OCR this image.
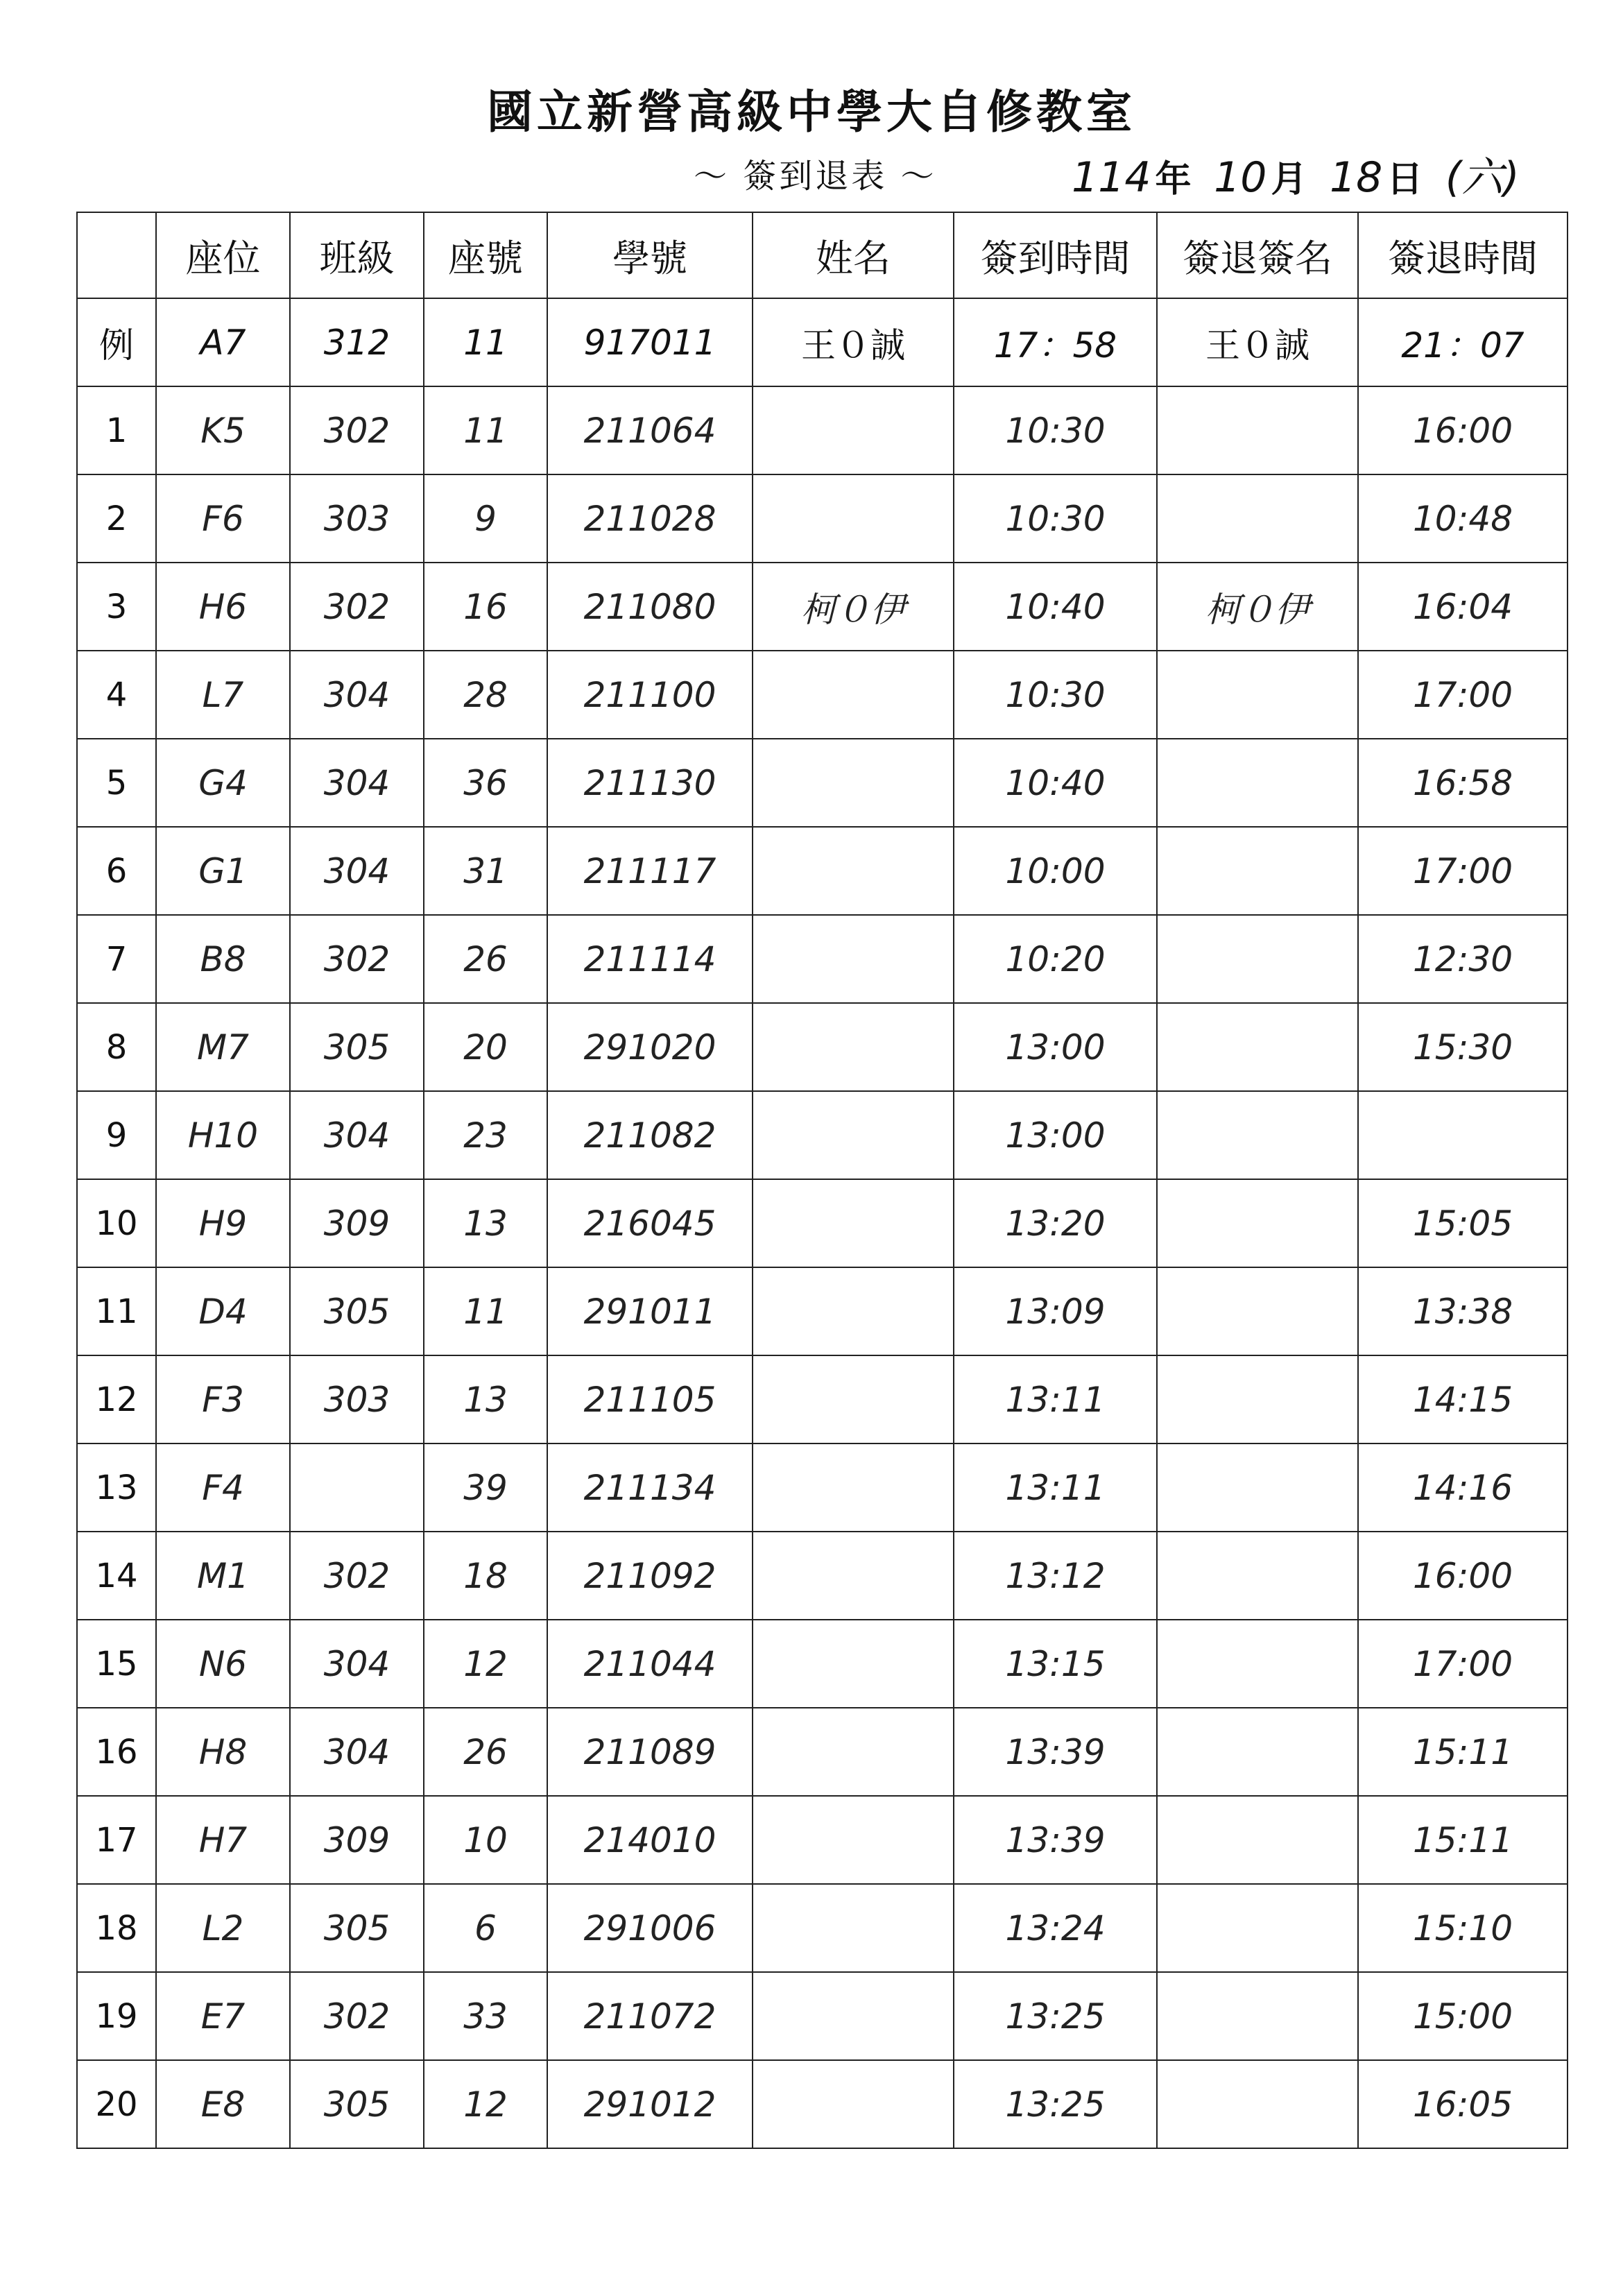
國立新營高級中學大自修教室
～ 簽到退表 ～	114 年 10 月 18 日 (六)
	座位	班級	座號	學號	姓名	簽到時間	簽退簽名	簽退時間
例	A7	312	11	917011	王０誠	17：58	王０誠	21：07
1	K5	302	11	211064		10:30		16:00
2	F6	303	9	211028		10:30		10:48
3	H6	302	16	211080	柯０伊	10:40	柯０伊	16:04
4	L7	304	28	211100		10:30		17:00
5	G4	304	36	211130		10:40		16:58
6	G1	304	31	211117		10:00		17:00
7	B8	302	26	211114		10:20		12:30
8	M7	305	20	291020		13:00		15:30
9	H10	304	23	211082		13:00		
10	H9	309	13	216045		13:20		15:05
11	D4	305	11	291011		13:09		13:38
12	F3	303	13	211105		13:11		14:15
13	F4		39	211134		13:11		14:16
14	M1	302	18	211092		13:12		16:00
15	N6	304	12	211044		13:15		17:00
16	H8	304	26	211089		13:39		15:11
17	H7	309	10	214010		13:39		15:11
18	L2	305	6	291006		13:24		15:10
19	E7	302	33	211072		13:25		15:00
20	E8	305	12	291012		13:25		16:05
